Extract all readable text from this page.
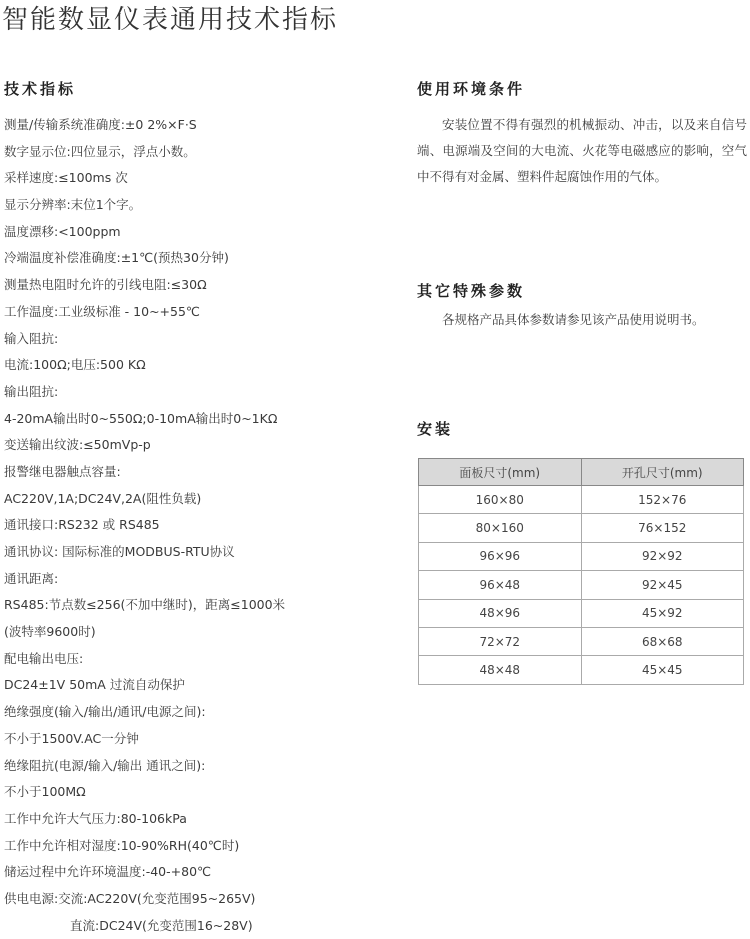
智能数显仪表通用技术指标
技术指标
测量/传输系统准确度:±0 2%×F·S
数字显示位:四位显示，浮点小数。
采样速度:≤100ms 次
显示分辨率:末位1个字。
温度漂移:<100ppm
冷端温度补偿准确度:±1℃(预热30分钟)
测量热电阻时允许的引线电阻:≤30Ω
工作温度:工业级标准 - 10~+55℃
输入阻抗:
电流:100Ω;电压:500 KΩ
输出阻抗:
4-20mA输出时0~550Ω;0-10mA输出时0~1KΩ
变送输出纹波:≤50mVp-p
报警继电器触点容量:
AC220V,1A;DC24V,2A(阻性负载)
通讯接口:RS232 或 RS485
通讯协议: 国际标准的MODBUS-RTU协议
通讯距离:
RS485:节点数≤256(不加中继时)，距离≤1000米
(波特率9600时)
配电输出电压:
DC24±1V 50mA 过流自动保护
绝缘强度(输入/输出/通讯/电源之间):
不小于1500V.AC一分钟
绝缘阻抗(电源/输入/输出 通讯之间):
不小于100MΩ
工作中允许大气压力:80-106kPa
工作中允许相对湿度:10-90%RH(40℃时)
储运过程中允许环境温度:-40-+80℃
供电电源:交流:AC220V(允变范围95~265V)
直流:DC24V(允变范围16~28V)
使用环境条件

安装位置不得有强烈的机械振动、冲击，以及来自信号端、电源端及空间的大电流、火花等电磁感应的影响，空气中不得有对金属、塑料件起腐蚀作用的气体。

其它特殊参数

各规格产品具体参数请参见该产品使用说明书。

安装
面板尺寸(mm)	开孔尺寸(mm)
160×80	152×76
80×160	76×152
96×96	92×92
96×48	92×45
48×96	45×92
72×72	68×68
48×48	45×45
